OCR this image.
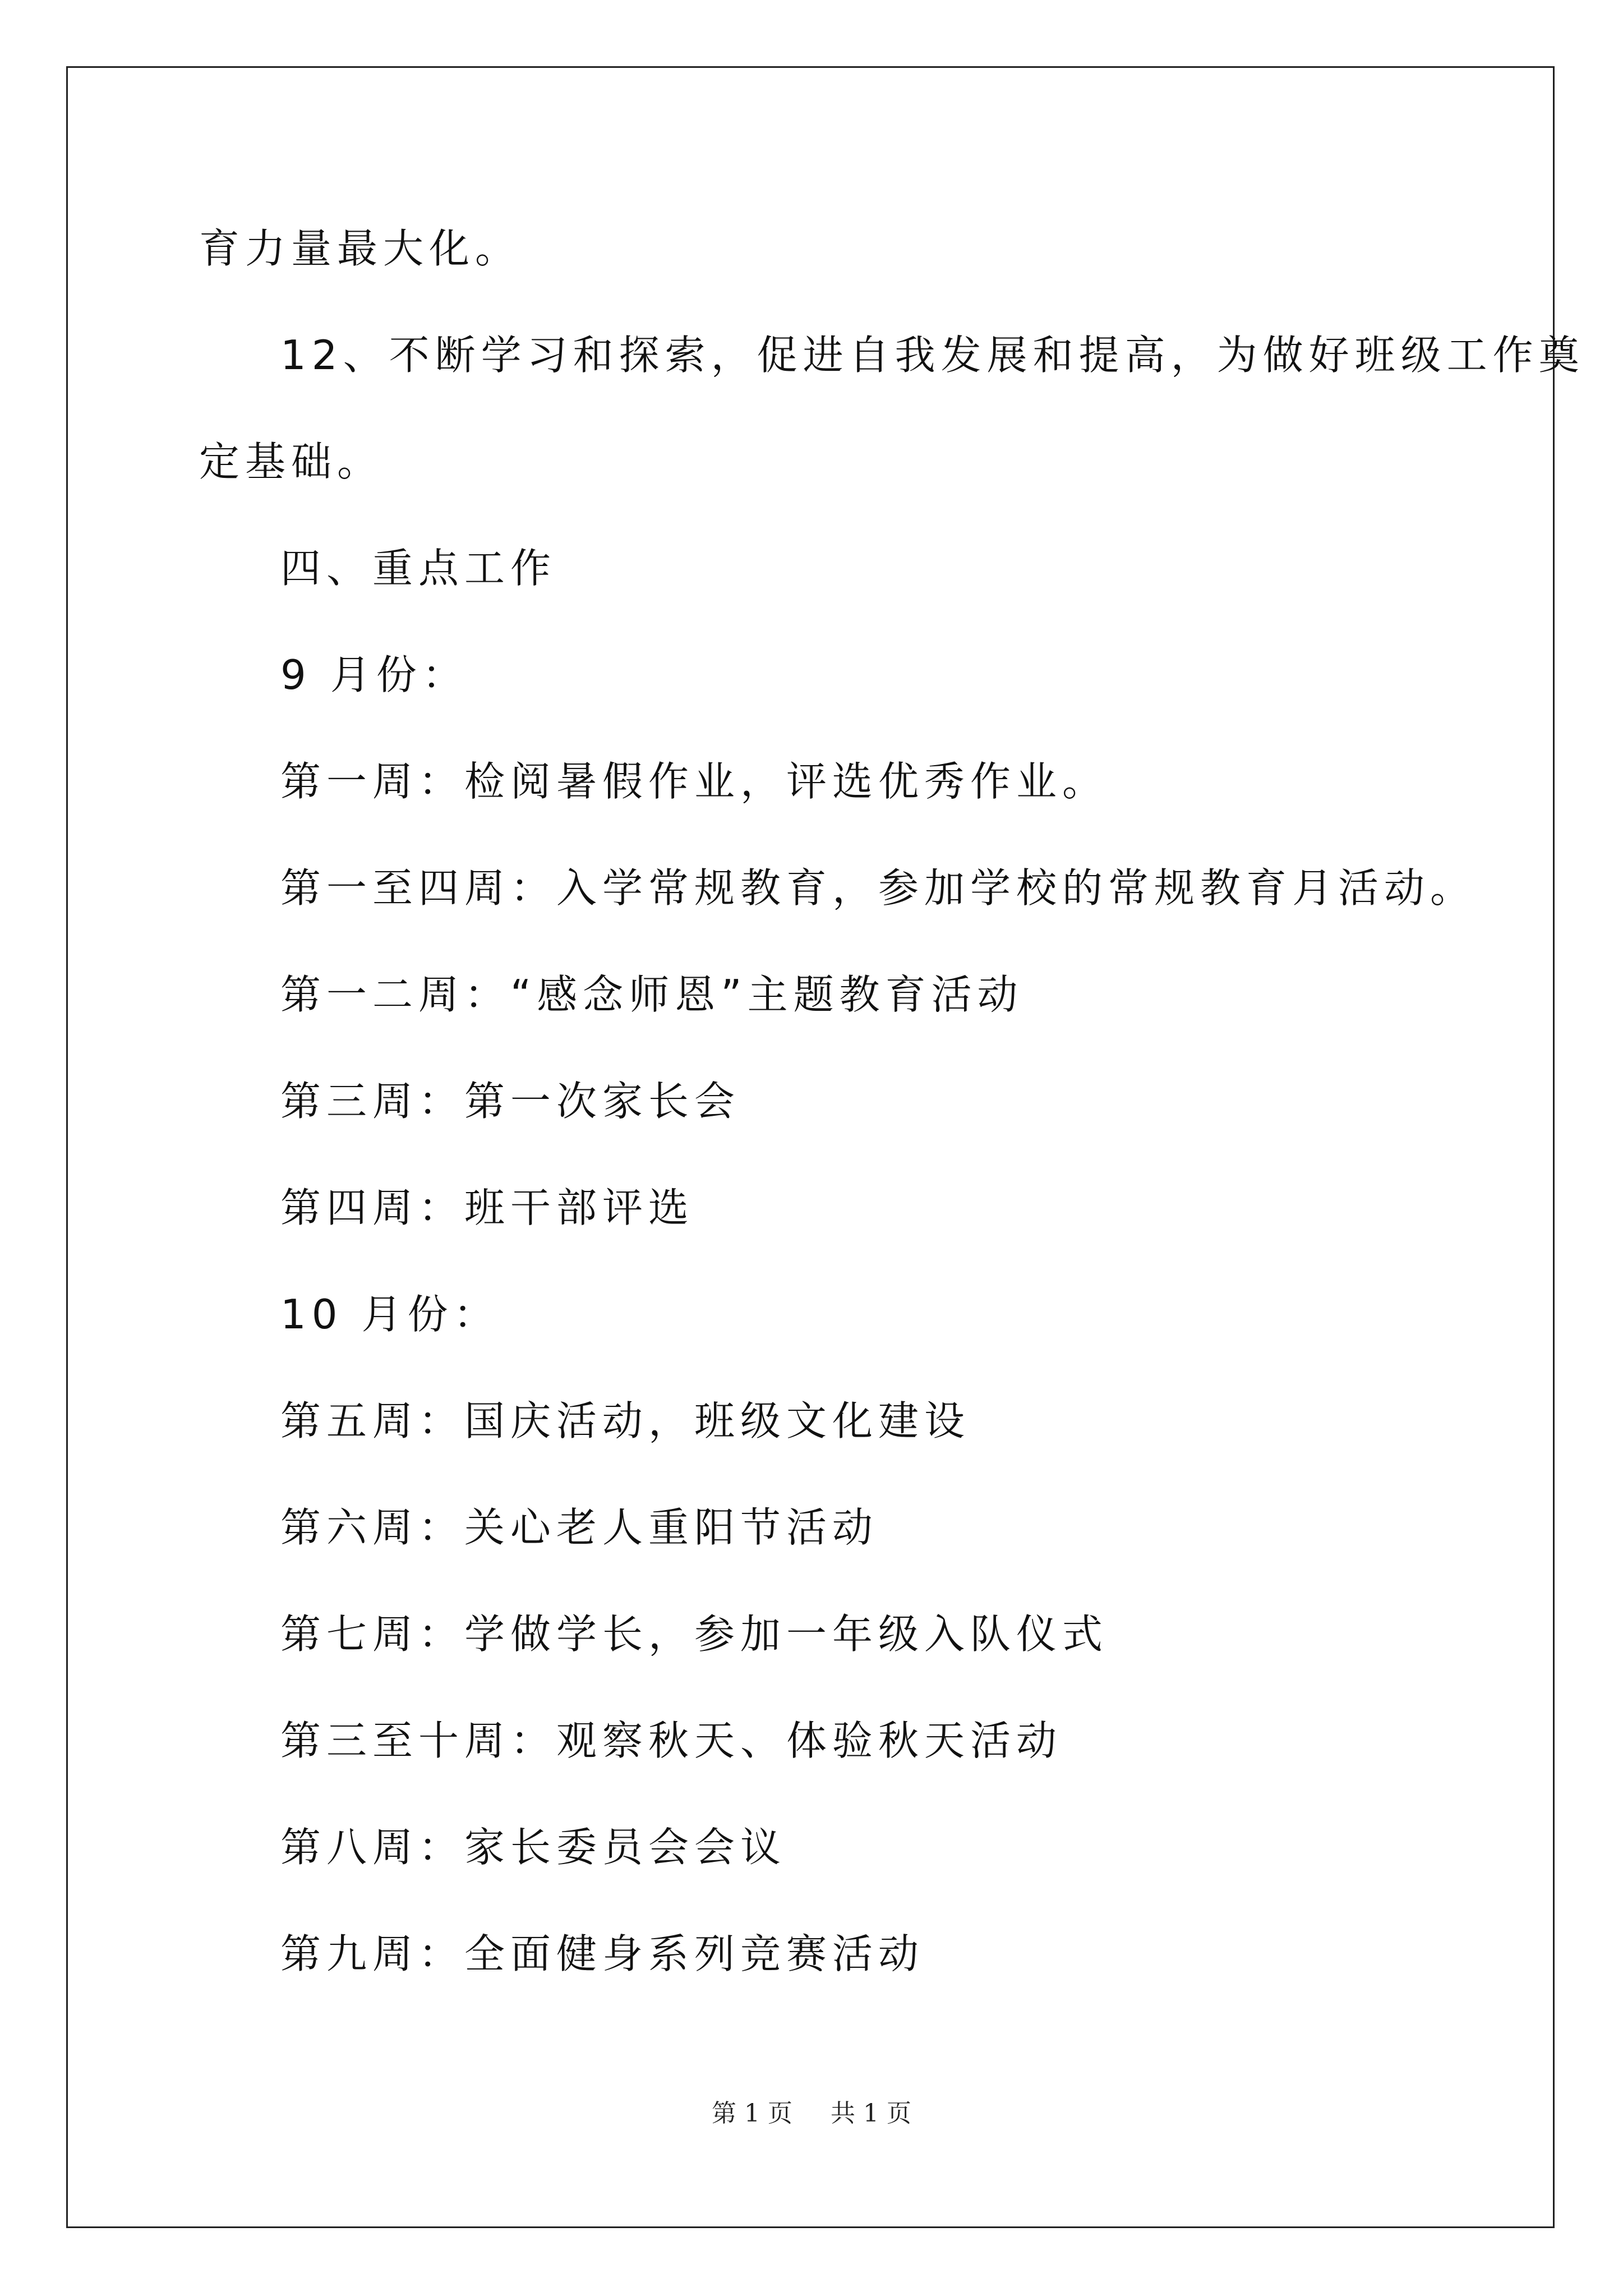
育力量最大化。
12、不断学习和探索，促进自我发展和提高，为做好班级工作奠
定基础。
四、重点工作
9 月份：
第一周：检阅暑假作业，评选优秀作业。
第一至四周：入学常规教育，参加学校的常规教育月活动。
第一二周：“感念师恩”主题教育活动
第三周：第一次家长会
第四周：班干部评选
10 月份：
第五周：国庆活动，班级文化建设
第六周：关心老人重阳节活动
第七周：学做学长，参加一年级入队仪式
第三至十周：观察秋天、体验秋天活动
第八周：家长委员会会议
第九周：全面健身系列竞赛活动
第 1 页 共 1 页
